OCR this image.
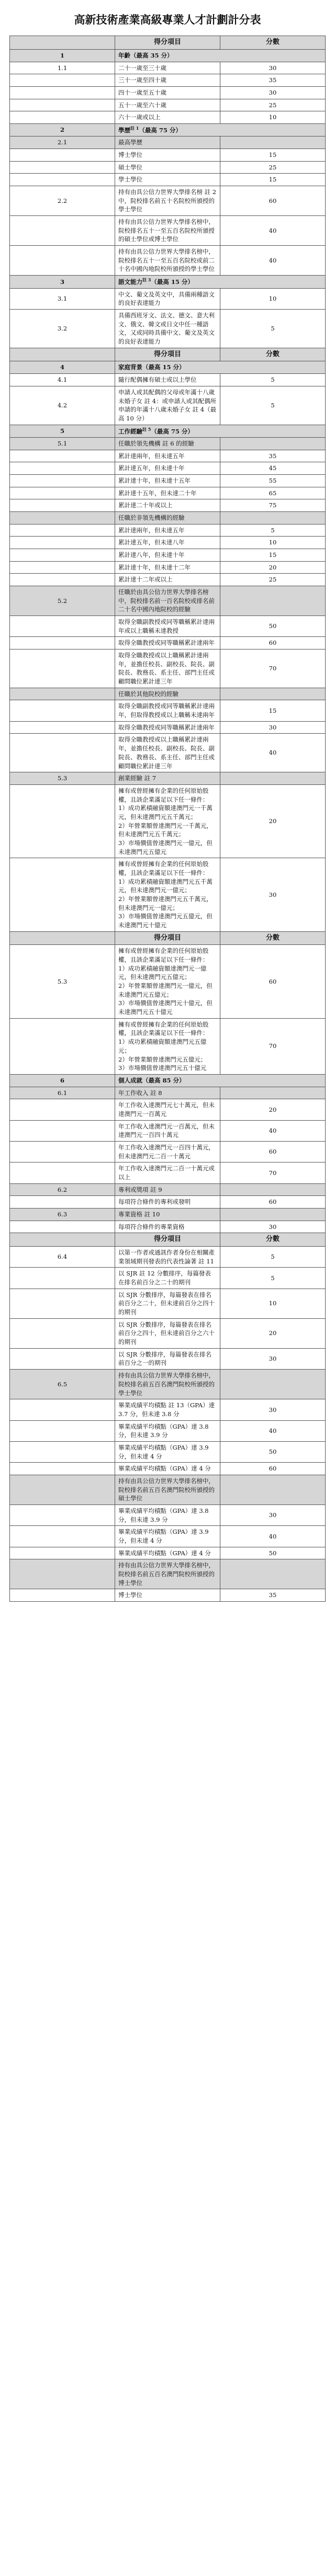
高新技術產業高級專業人才計劃計分表
	得分項目	分數
1	年齡（最高 35 分）	
1.1	二十一歲至三十歲	30
	三十一歲至四十歲	35
	四十一歲至五十歲	30
	五十一歲至六十歲	25
	六十一歲或以上	10
2	學歷$^{註 1}$（最高 75 分）	
2.1	最高學歷	
	博士學位	15
	碩士學位	25
	學士學位	15
2.2	持有由具公信力世界大學排名榜 註 2 中，院校排名前五十名院校所頒授的學士學位	60
	持有由具公信力世界大學排名榜中，院校排名五十一至五百名院校所頒授的碩士學位或博士學位	40
	持有由具公信力世界大學排名榜中，院校排名五十一至五百名院校或前二十名中國內地院校所頒授的學士學位	40
3	語文能力$^{註 3}$（最高 15 分）	
3.1	中文、葡文及英文中，具備兩種語文的良好表達能力	10
3.2	具備西班牙文、法文、德文、意大利文、俄文、韓文或日文中任一種語文，又或同時具備中文、葡文及英文的良好表達能力	5
	得分項目	分數
4	家庭背景（最高 15 分）	
4.1	隨行配偶擁有碩士或以上學位	5
4.2	申請人或其配偶的父母或年滿十八歲未婚子女 註 4：或申請人或其配偶所申請的年滿十八歲未婚子女 註 4（最高 10 分）	5
5	工作經驗$^{註 5}$（最高 75 分）	
5.1	任職於領先機構 註 6 的經驗	
	累計達兩年，但未達五年	35
	累計達五年，但未達十年	45
	累計達十年，但未達十五年	55
	累計達十五年，但未達二十年	65
	累計達二十年或以上	75
	任職於非領先機構的經驗	
	累計達兩年，但未達五年	5
	累計達五年，但未達八年	10
	累計達八年，但未達十年	15
	累計達十年，但未達十二年	20
	累計達十二年或以上	25
5.2	任職於由具公信力世界大學排名榜中，院校排名前一百名院校或排名前二十名中國內地院校的經驗	
	取得全職副教授或同等職稱累計達兩年或以上職稱未達教授	50
	取得全職教授或同等職稱累計達兩年	60
	取得全職教授或以上職稱累計達兩年，並擔任校長、副校長、院長、副院長、教務長、系主任、部門主任或顧問職位累計達三年	70
	任職於其他院校的經驗	
	取得全職副教授或同等職稱累計達兩年，但取得教授或以上職稱未達兩年	15
	取得全職教授或同等職稱累計達兩年	30
	取得全職教授或以上職稱累計達兩年，並擔任校長、副校長、院長、副院長、教務長、系主任、部門主任或顧問職位累計達三年	40
5.3	創業經驗 註 7	
	擁有或曾經擁有企業的任何原始股權，且該企業滿足以下任一條件：
1）成功累積融資額達澳門元一千萬元，但未達澳門元五千萬元；
2）年營業額曾達澳門元一千萬元，但未達澳門元五千萬元；
3）市場價值曾達澳門元一億元，但未達澳門元五億元	20
	擁有或曾經擁有企業的任何原始股權，且該企業滿足以下任一條件：
1）成功累積融資額達澳門元五千萬元，但未達澳門元一億元；
2）年營業額曾達澳門元五千萬元，但未達澳門元一億元；
3）市場價值曾達澳門元五億元，但未達澳門元十億元	30
	得分項目	分數
5.3	擁有或曾經擁有企業的任何原始股權，且該企業滿足以下任一條件：
1）成功累積融資額達澳門元一億元，但未達澳門元五億元；
2）年營業額曾達澳門元一億元，但未達澳門元五億元；
3）市場價值曾達澳門元十億元，但未達澳門元五十億元	60
	擁有或曾經擁有企業的任何原始股權，且該企業滿足以下任一條件：
1）成功累積融資額達澳門元五億元；
2）年營業額曾達澳門元五億元；
3）市場價值曾達澳門元五十億元	70
6	個人成就（最高 85 分）	
6.1	年工作收入 註 8	
	年工作收入達澳門元七十萬元，但未達澳門元一百萬元	20
	年工作收入達澳門元一百萬元，但未達澳門元一百四十萬元	40
	年工作收入達澳門元一百四十萬元，但未達澳門元二百一十萬元	60
	年工作收入達澳門元二百一十萬元或以上	70
6.2	專利或獎項 註 9	
	每項符合條件的專利或發明	60
6.3	專業資格 註 10	
	每項符合條件的專業資格	30
	得分項目	分數
6.4	以第一作者或通訊作者身份在相關產業領域期刊發表的代表性論著 註 11	5
	以 SJR 註 12 分數排序，每篇發表在排名前百分之二十的期刊	5
	以 SJR 分數排序，每篇發表在排名前百分之二十，但未達前百分之四十的期刊	10
	以 SJR 分數排序，每篇發表在排名前百分之四十，但未達前百分之六十的期刊	20
	以 SJR 分數排序，每篇發表在排名前百分之一的期刊	30
6.5	持有由具公信力世界大學排名榜中，院校排名前五百名澳門院校所頒授的學士學位	
	畢業成績平均積點 註 13（GPA）達 3.7 分，但未達 3.8 分	30
	畢業成績平均積點（GPA）達 3.8 分，但未達 3.9 分	40
	畢業成績平均積點（GPA）達 3.9 分，但未達 4 分	50
	畢業成績平均積點（GPA）達 4 分	60
	持有由具公信力世界大學排名榜中，院校排名前五百名澳門院校所頒授的碩士學位	
	畢業成績平均積點（GPA）達 3.8 分，但未達 3.9 分	30
	畢業成績平均積點（GPA）達 3.9 分，但未達 4 分	40
	畢業成績平均積點（GPA）達 4 分	50
	持有由具公信力世界大學排名榜中，院校排名前五百名澳門院校所頒授的博士學位	
	博士學位	35
